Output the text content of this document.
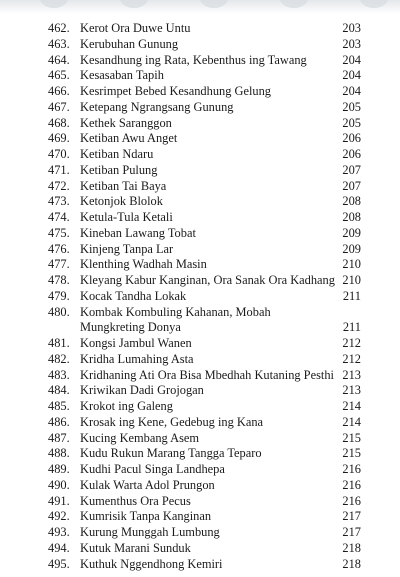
462. Kerot Ora Duwe Untu	203
463. Kerubuhan Gunung	203
464. Kesandhung ing Rata, Kebenthus ing Tawang	204
465. Kesasaban Tapih	204
466. Kesrimpet Bebed Kesandhung Gelung	204
467. Ketepang Ngrangsang Gunung	205
468. Kethek Saranggon	205
469. Ketiban Awu Anget	206
470. Ketiban Ndaru	206
471. Ketiban Pulung	207
472. Ketiban Tai Baya	207
473. Ketonjok Blolok	208
474. Ketula-Tula Ketali	208
475. Kineban Lawang Tobat	209
476. Kinjeng Tanpa Lar	209
477. Klenthing Wadhah Masin	210
478. Kleyang Kabur Kanginan, Ora Sanak Ora Kadhang 210
479. Kocak Tandha Lokak	211
480. Kombak Kombuling Kahanan, Mobah Mungkreting Donya	211
481. Kongsi Jambul Wanen	212
482. Kridha Lumahing Asta	212
483. Kridhaning Ati Ora Bisa Mbedhah Kutaning Pesthi 213
484. Kriwikan Dadi Grojogan	213
485. Krokot ing Galeng	214
486. Krosak ing Kene, Gedebug ing Kana	214
487. Kucing Kembang Asem	215
488. Kudu Rukun Marang Tangga Teparo	215
489. Kudhi Pacul Singa Landhepa	216
490. Kulak Warta Adol Prungon	216
491. Kumenthus Ora Pecus	216
492. Kumrisik Tanpa Kanginan	217
493. Kurung Munggah Lumbung	217
494. Kutuk Marani Sunduk	218
495. Kuthuk Nggendhong Kemiri	218
